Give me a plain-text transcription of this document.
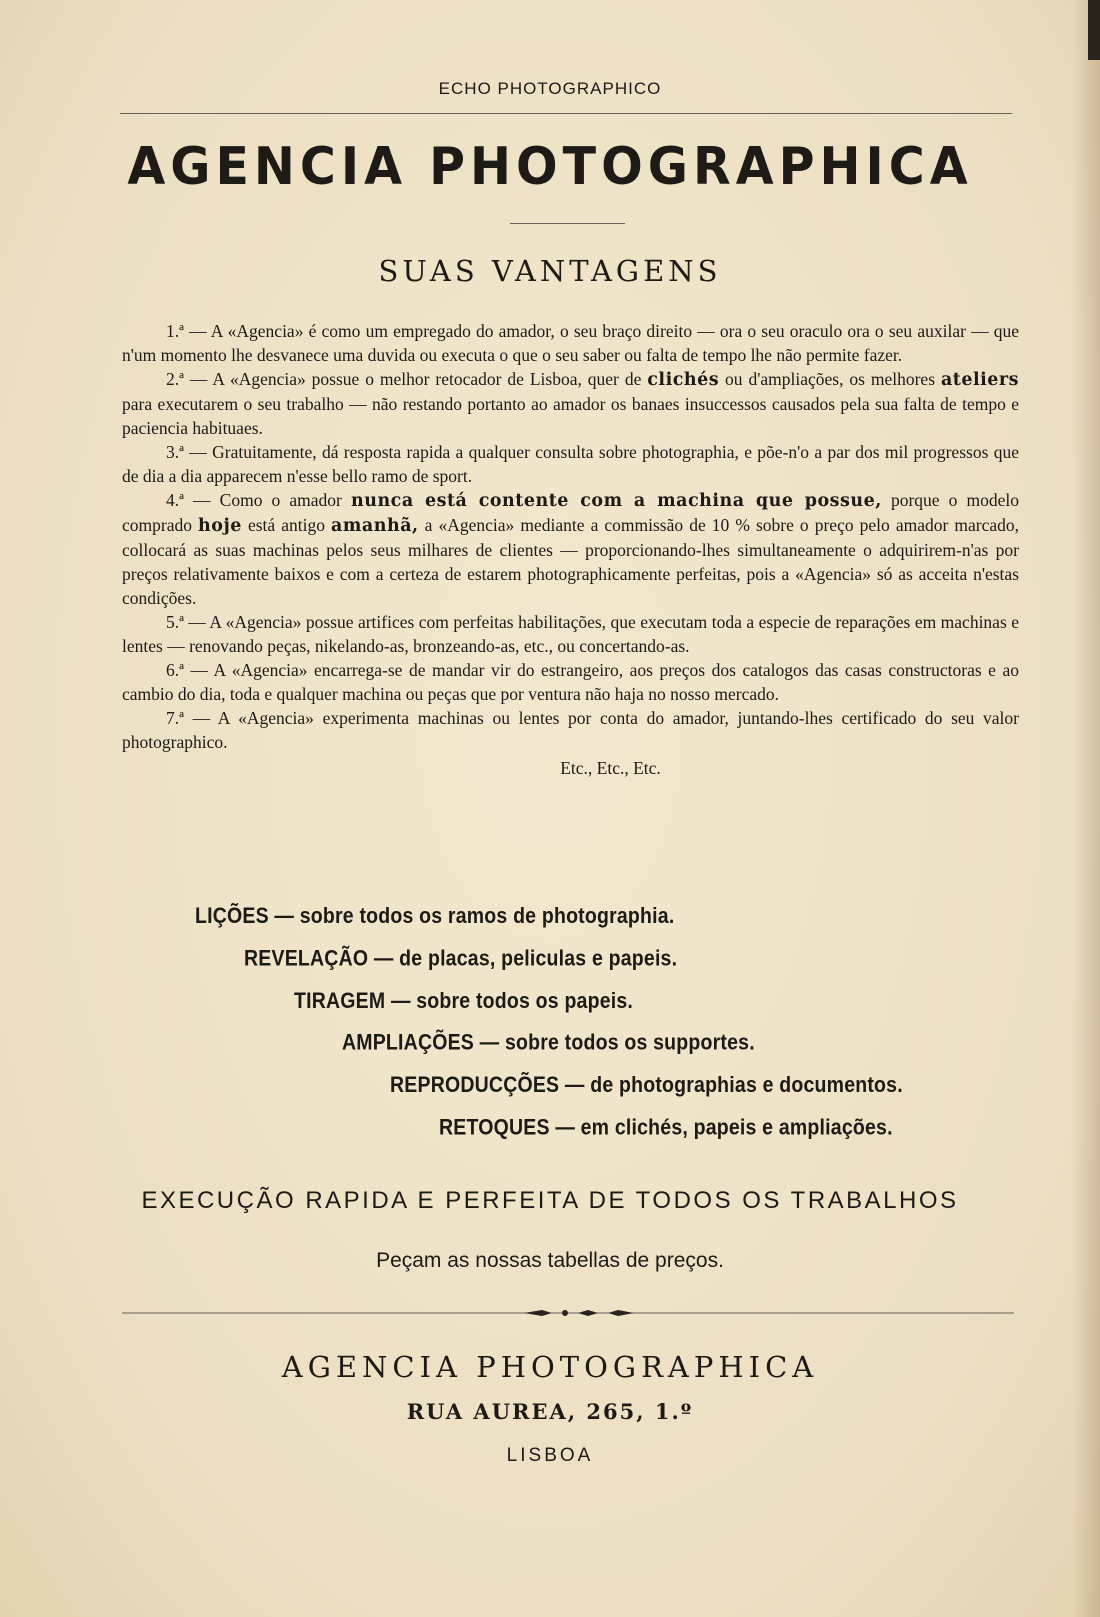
ECHO PHOTOGRAPHICO
AGENCIA PHOTOGRAPHICA
SUAS VANTAGENS

1.ª — A «Agencia» é como um empregado do amador, o seu braço direito — ora o seu oraculo ora o seu auxilar — que n'um momento lhe desvanece uma duvida ou executa o que o seu saber ou falta de tempo lhe não permite fazer.

2.ª — A «Agencia» possue o melhor retocador de Lisboa, quer de clichés ou d'ampliações, os melhores ateliers para executarem o seu trabalho — não restando portanto ao amador os banaes insuccessos causados pela sua falta de tempo e paciencia habituaes.

3.ª — Gratuitamente, dá resposta rapida a qualquer consulta sobre photographia, e põe-n'o a par dos mil progressos que de dia a dia apparecem n'esse bello ramo de sport.

4.ª — Como o amador nunca está contente com a machina que possue, porque o modelo comprado hoje está antigo amanhã, a «Agencia» mediante a commissão de 10 % sobre o preço pelo amador marcado, collocará as suas machinas pelos seus milhares de clientes — proporcionando-lhes simultaneamente o adquirirem-n'as por preços relativamente baixos e com a certeza de estarem photographicamente perfeitas, pois a «Agencia» só as acceita n'estas condições.

5.ª — A «Agencia» possue artifices com perfeitas habilitações, que executam toda a especie de reparações em machinas e lentes — renovando peças, nikelando-as, bronzeando-as, etc., ou concertando-as.

6.ª — A «Agencia» encarrega-se de mandar vir do estrangeiro, aos preços dos catalogos das casas constructoras e ao cambio do dia, toda e qualquer machina ou peças que por ventura não haja no nosso mercado.

7.ª — A «Agencia» experimenta machinas ou lentes por conta do amador, juntando-lhes certificado do seu valor photographico.

Etc., Etc., Etc.

LIÇÕES — sobre todos os ramos de photographia.
REVELAÇÃO — de placas, peliculas e papeis.
TIRAGEM — sobre todos os papeis.
AMPLIAÇÕES — sobre todos os supportes.
REPRODUCÇÕES — de photographias e documentos.
RETOQUES — em clichés, papeis e ampliações.
EXECUÇÃO RAPIDA E PERFEITA DE TODOS OS TRABALHOS
Peçam as nossas tabellas de preços.
AGENCIA PHOTOGRAPHICA
RUA AUREA, 265, 1.º
LISBOA
